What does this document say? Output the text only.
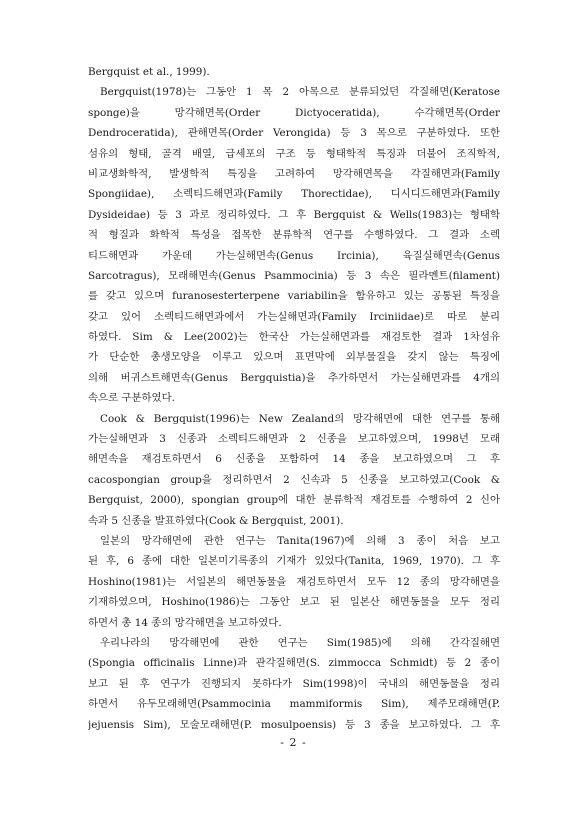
Bergquist et al., 1999).
Bergquist(1978)는 그동안 1 목 2 아목으로 분류되었던 각질해면(Keratose
sponge)을 망각해면목(Order Dictyoceratida), 수각해면목(Order
Dendroceratida), 관해면목(Order Verongida) 등 3 목으로 구분하였다. 또한
섬유의 형태, 골격 배열, 급세포의 구조 등 형태학적 특징과 더불어 조직학적,
비교생화학적, 발생학적 특징을 고려하여 망각해면목을 각질해면과(Family
Spongiidae), 소렉티드해면과(Family Thorectidae), 디시디드해면과(Family
Dysideidae) 등 3 과로 정리하였다. 그 후 Bergquist & Wells(1983)는 형태학
적 형질과 화학적 특성을 접목한 분류학적 연구를 수행하였다. 그 결과 소렉
티드해면과 가운데 가는실해면속(Genus Ircinia), 육질실해면속(Genus
Sarcotragus), 모래해면속(Genus Psammocinia) 등 3 속은 필라멘트(filament)
를 갖고 있으며 furanosesterterpene variabilin을 함유하고 있는 공통된 특징을
갖고 있어 소렉티드해면과에서 가는실해면과(Family Irciniidae)로 따로 분리
하였다. Sim & Lee(2002)는 한국산 가는실해면과를 재검토한 결과 1차섬유
가 단순한 총생모양을 이루고 있으며 표면막에 외부물질을 갖지 않는 특징에
의해 버귀스트해면속(Genus Bergquistia)을 추가하면서 가는실해면과를 4개의
속으로 구분하였다.
Cook & Bergquist(1996)는 New Zealand의 망각해면에 대한 연구를 통해
가는실해면과 3 신종과 소렉티드해면과 2 신종을 보고하였으며, 1998년 모래
해면속을 재검토하면서 6 신종을 포함하여 14 종을 보고하였으며 그 후
cacospongian group을 정리하면서 2 신속과 5 신종을 보고하였고(Cook &
Bergquist, 2000), spongian group에 대한 분류학적 재검토를 수행하여 2 신아
속과 5 신종을 발표하였다(Cook & Bergquist, 2001).
일본의 망각해면에 관한 연구는 Tanita(1967)에 의해 3 종이 처음 보고
된 후, 6 종에 대한 일본미기록종의 기재가 있었다(Tanita, 1969, 1970). 그 후
Hoshino(1981)는 서일본의 해면동물을 재검토하면서 모두 12 종의 망각해면을
기재하였으며, Hoshino(1986)는 그동안 보고 된 일본산 해면동물을 모두 정리
하면서 총 14 종의 망각해면을 보고하였다.
우리나라의 망각해면에 관한 연구는 Sim(1985)에 의해 간각질해면
(Spongia officinalis Linne)과 관각질해면(S. zimmocca Schmidt) 등 2 종이
보고 된 후 연구가 진행되지 못하다가 Sim(1998)이 국내의 해면동물을 정리
하면서 유두모래해면(Psammocinia mammiformis Sim), 제주모래해면(P.
jejuensis Sim), 모술모래해면(P. mosulpoensis) 등 3 종을 보고하였다. 그 후
- 2 -
